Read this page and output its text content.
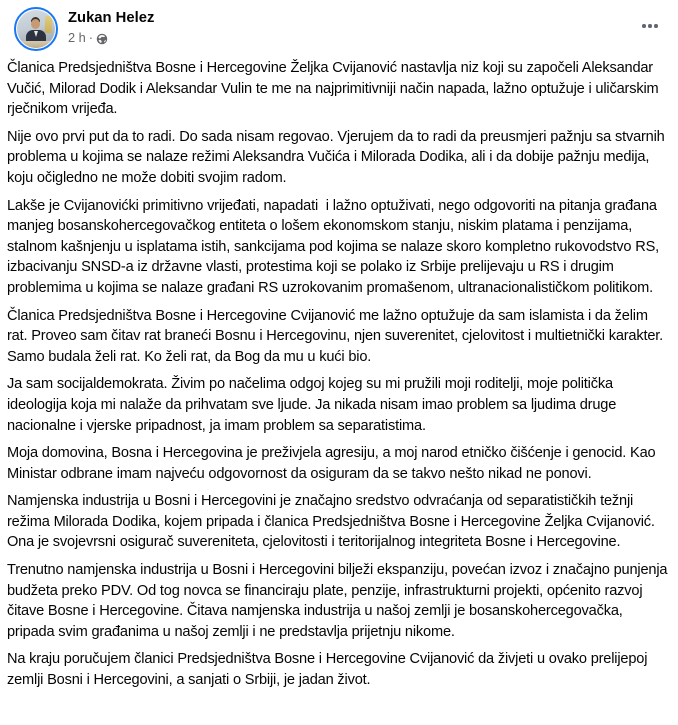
Zukan Helez
2 h ·

Članica Predsjedništva Bosne i Hercegovine Željka Cvijanović nastavlja niz koji su započeli Aleksandar Vučić, Milorad Dodik i Aleksandar Vulin te me na najprimitivniji način napada, lažno optužuje i uličarskim rječnikom vrijeđa.

Nije ovo prvi put da to radi. Do sada nisam regovao. Vjerujem da to radi da preusmjeri pažnju sa stvarnih problema u kojima se nalaze režimi Aleksandra Vučića i Milorada Dodika, ali i da dobije pažnju medija, koju očigledno ne može dobiti svojim radom.

Lakše je Cvijanovićki primitivno vrijeđati, napadati  i lažno optuživati, nego odgovoriti na pitanja građana manjeg bosanskohercegovačkog entiteta o lošem ekonomskom stanju, niskim platama i penzijama, stalnom kašnjenju u isplatama istih, sankcijama pod kojima se nalaze skoro kompletno rukovodstvo RS, izbacivanju SNSD-a iz državne vlasti, protestima koji se polako iz Srbije prelijevaju u RS i drugim problemima u kojima se nalaze građani RS uzrokovanim promašenom, ultranacionalističkom politikom.

Članica Predsjedništva Bosne i Hercegovine Cvijanović me lažno optužuje da sam islamista i da želim rat. Proveo sam čitav rat braneći Bosnu i Hercegovinu, njen suverenitet, cjelovitost i multietnički karakter. Samo budala želi rat. Ko želi rat, da Bog da mu u kući bio.

Ja sam socijaldemokrata. Živim po načelima odgoj kojeg su mi pružili moji roditelji, moje politička ideologija koja mi nalaže da prihvatam sve ljude. Ja nikada nisam imao problem sa ljudima druge nacionalne i vjerske pripadnost, ja imam problem sa separatistima.

Moja domovina, Bosna i Hercegovina je preživjela agresiju, a moj narod etničko čišćenje i genocid. Kao Ministar odbrane imam najveću odgovornost da osiguram da se takvo nešto nikad ne ponovi.

Namjenska industrija u Bosni i Hercegovini je značajno sredstvo odvraćanja od separatističkih težnji režima Milorada Dodika, kojem pripada i članica Predsjedništva Bosne i Hercegovine Željka Cvijanović. Ona je svojevrsni osigurač suvereniteta, cjelovitosti i teritorijalnog integriteta Bosne i Hercegovine.

Trenutno namjenska industrija u Bosni i Hercegovini bilježi ekspanziju, povećan izvoz i značajno punjenja budžeta preko PDV. Od tog novca se financiraju plate, penzije, infrastrukturni projekti, općenito razvoj čitave Bosne i Hercegovine. Čitava namjenska industrija u našoj zemlji je bosanskohercegovačka, pripada svim građanima u našoj zemlji i ne predstavlja prijetnju nikome.

Na kraju poručujem članici Predsjedništva Bosne i Hercegovine Cvijanović da živjeti u ovako prelijepoj zemlji Bosni i Hercegovini, a sanjati o Srbiji, je jadan život.
